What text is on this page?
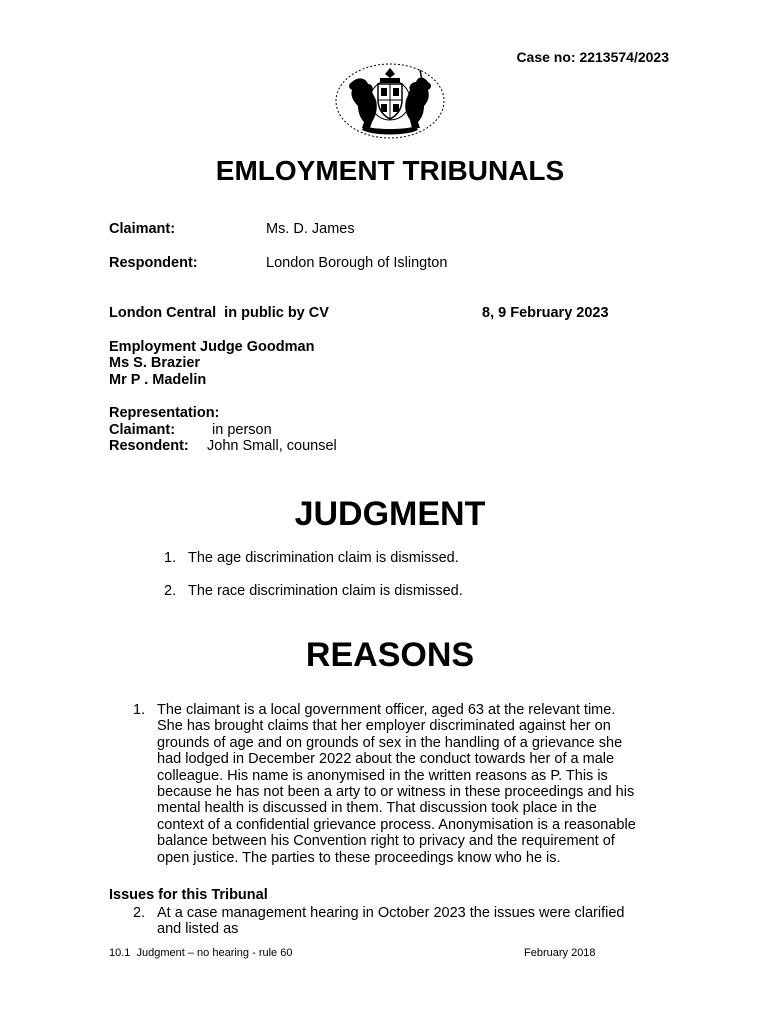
Case no: 2213574/2023
EMLOYMENT TRIBUNALS
Claimant:	Ms. D. James
Respondent:	London Borough of Islington
London Central  in public by CV	8, 9 February 2023
Employment Judge Goodman
Ms S. Brazier
Mr P . Madelin
Representation:
Claimant:	in person
Resondent: John Small, counsel
JUDGMENT
1. The age discrimination claim is dismissed.
2. The race discrimination claim is dismissed.
REASONS
1. The claimant is a local government officer, aged 63 at the relevant time.
She has brought claims that her employer discriminated against her on
grounds of age and on grounds of sex in the handling of a grievance she
had lodged in December 2022 about the conduct towards her of a male
colleague. His name is anonymised in the written reasons as P. This is
because he has not been a arty to or witness in these proceedings and his
mental health is discussed in them. That discussion took place in the
context of a confidential grievance process. Anonymisation is a reasonable
balance between his Convention right to privacy and the requirement of
open justice. The parties to these proceedings know who he is.
Issues for this Tribunal
2. At a case management hearing in October 2023 the issues were clarified
and listed as
10.1  Judgment – no hearing - rule 60	February 2018
